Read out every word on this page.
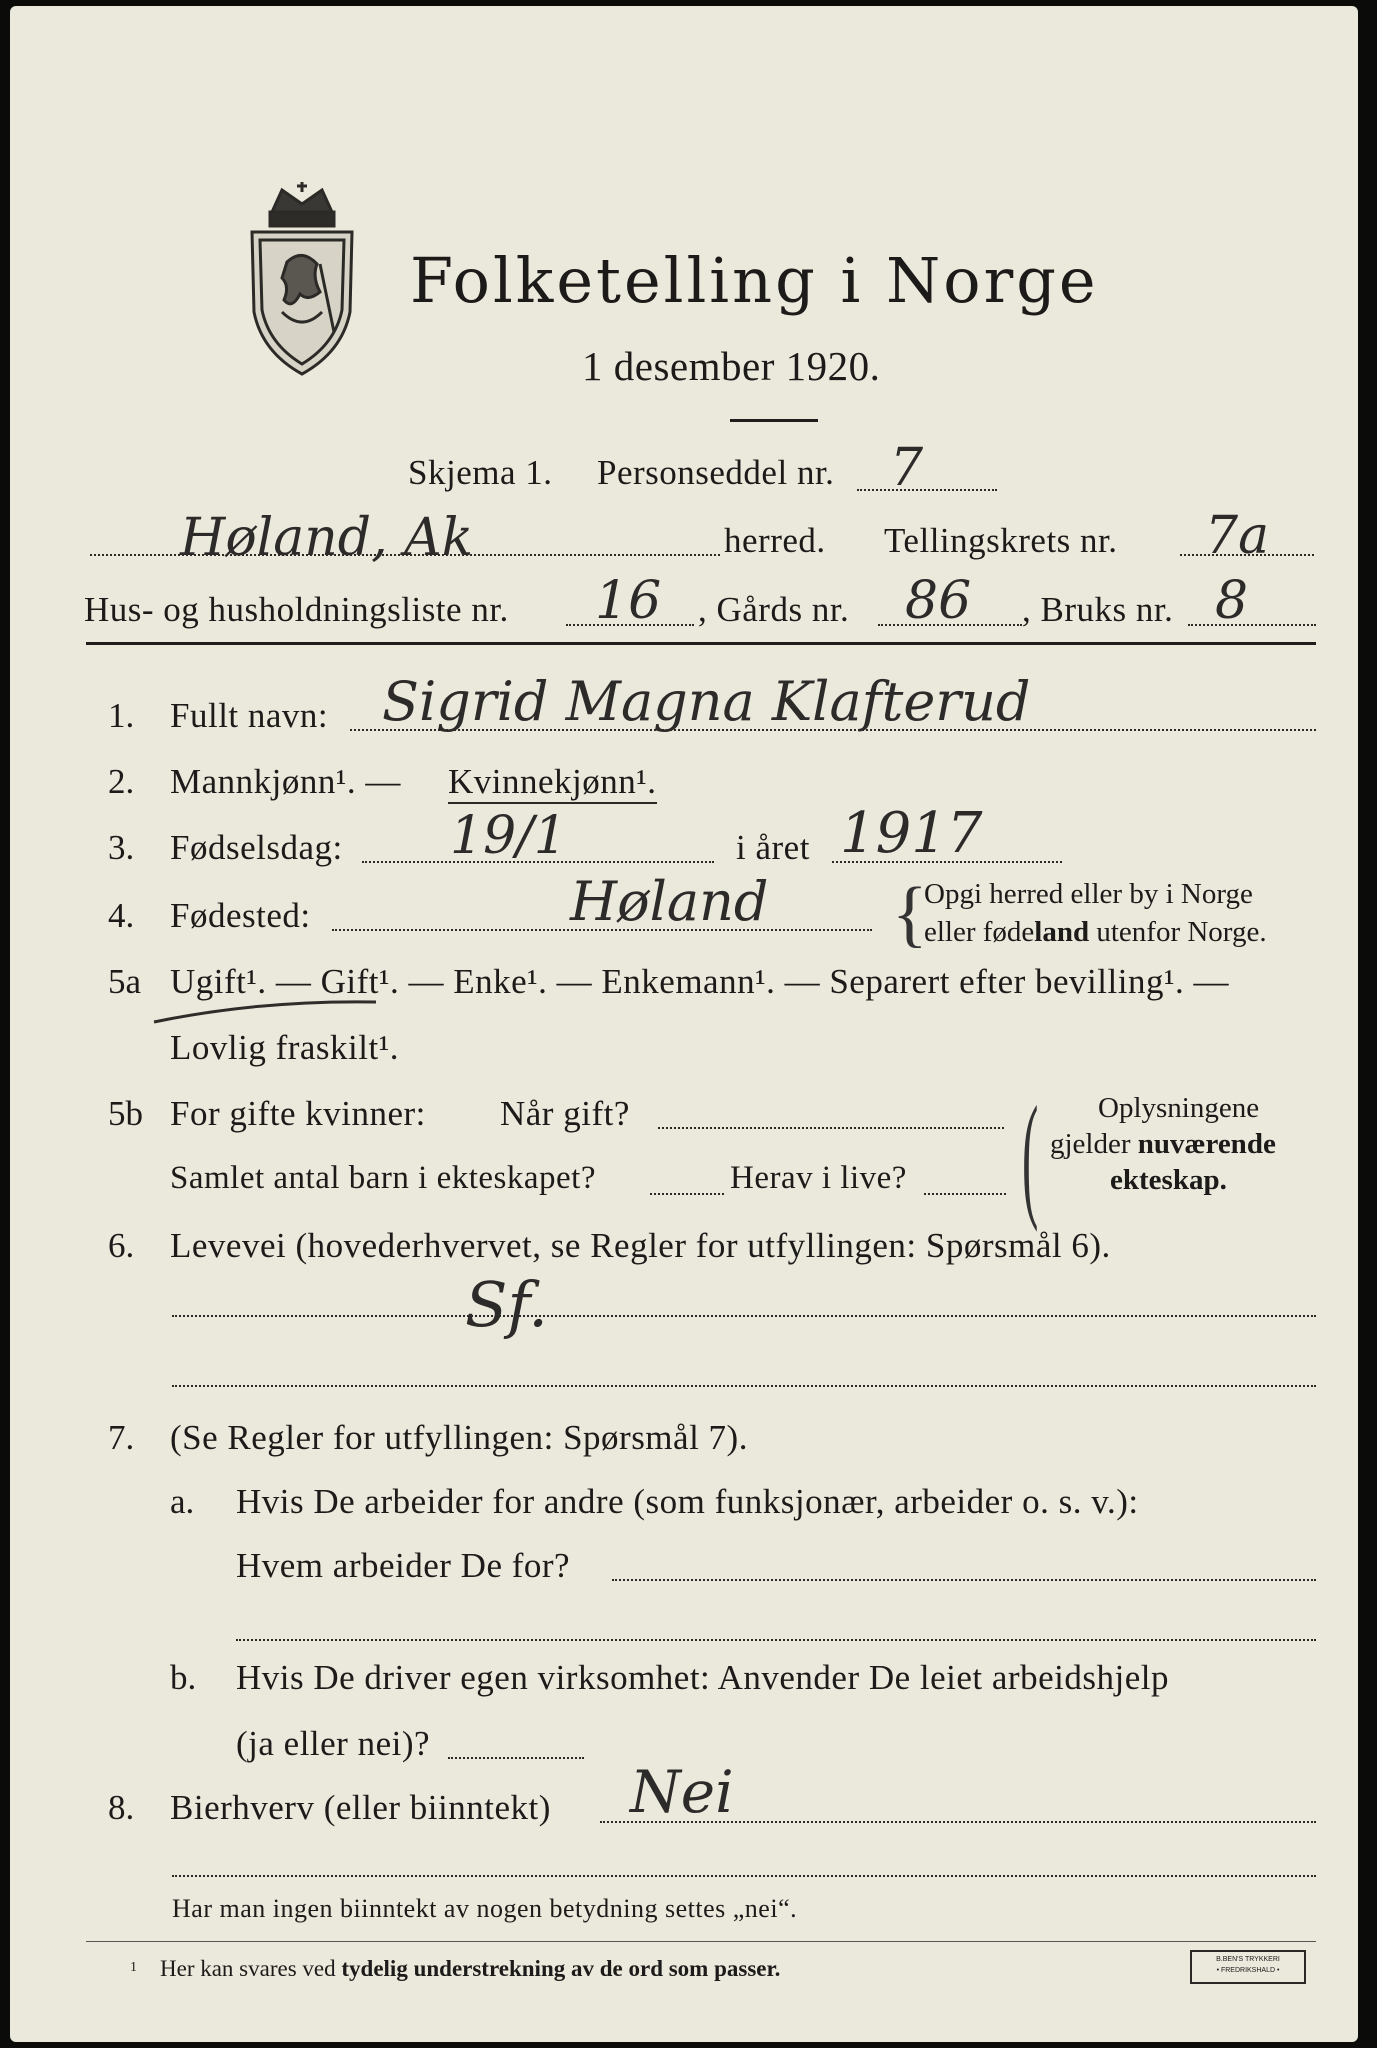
Folketelling i Norge
1 desember 1920.
Skjema 1. Personseddel nr. 7
Høland, Ak	herred. Tellingskrets nr. 7a
Hus- og husholdningsliste nr. 16 , Gårds nr. 86 , Bruks nr. 8
1. Fullt navn: Sigrid Magna Klafterud
2. Mannkjønn¹. — Kvinnekjønn¹.
3. Fødselsdag: 19/1	i året 1917
4. Fødested:	Høland {
Opgi herred eller by i Norge
eller fødeland utenfor Norge.
5a Ugift¹. — Gift¹. — Enke¹. — Enkemann¹. — Separert efter bevilling¹. —
Lovlig fraskilt¹.
5b For gifte kvinner: Når gift?
Samlet antal barn i ekteskapet?	Herav i live? ( Oplysningene
gjelder nuværende
ekteskap.
6. Levevei (hovederhvervet, se Regler for utfyllingen: Spørsmål 6).
Sf.
7. (Se Regler for utfyllingen: Spørsmål 7).
a. Hvis De arbeider for andre (som funksjonær, arbeider o. s. v.):
Hvem arbeider De for?
b. Hvis De driver egen virksomhet: Anvender De leiet arbeidshjelp
(ja eller nei)?
8. Bierhverv (eller biinntekt) Nei
Har man ingen biinntekt av nogen betydning settes „nei“.
1 Her kan svares ved tydelig understrekning av de ord som passer.	B.BEN'S TRYKKERI
• FREDRIKSHALD •
